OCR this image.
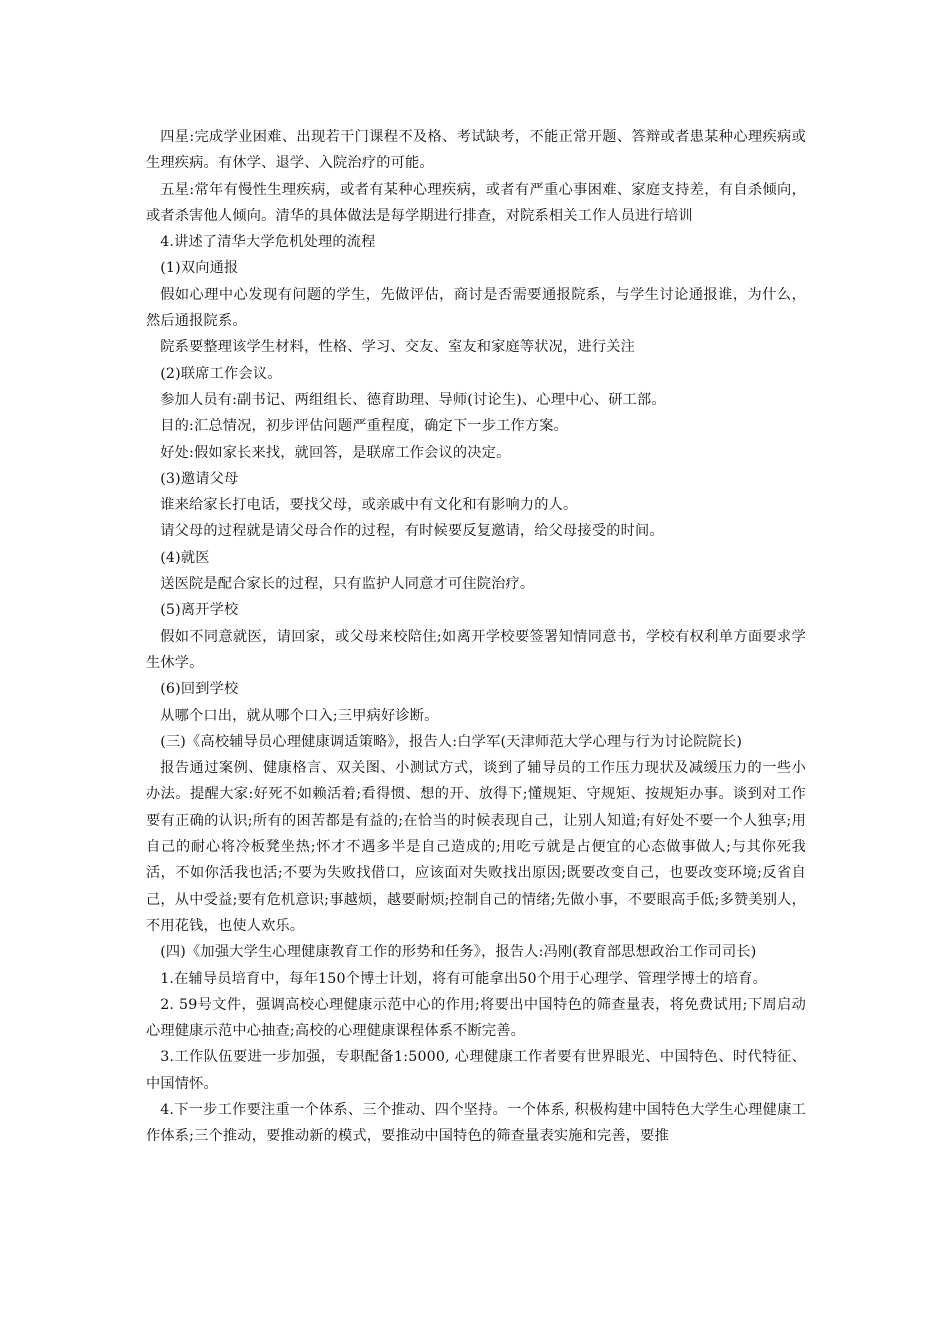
四星:完成学业困难、出现若干门课程不及格、考试缺考，不能正常开题、答辩或者患某种心理疾病或生理疾病。有休学、退学、入院治疗的可能。

五星:常年有慢性生理疾病，或者有某种心理疾病，或者有严重心事困难、家庭支持差，有自杀倾向，或者杀害他人倾向。清华的具体做法是每学期进行排查，对院系相关工作人员进行培训

4.讲述了清华大学危机处理的流程

(1)双向通报

假如心理中心发现有问题的学生，先做评估，商讨是否需要通报院系，与学生讨论通报谁，为什么，然后通报院系。

院系要整理该学生材料，性格、学习、交友、室友和家庭等状况，进行关注

(2)联席工作会议。

参加人员有:副书记、两组组长、德育助理、导师(讨论生)、心理中心、研工部。

目的:汇总情况，初步评估问题严重程度，确定下一步工作方案。

好处:假如家长来找，就回答，是联席工作会议的决定。

(3)邀请父母

谁来给家长打电话，要找父母，或亲戚中有文化和有影响力的人。

请父母的过程就是请父母合作的过程，有时候要反复邀请，给父母接受的时间。

(4)就医

送医院是配合家长的过程，只有监护人同意才可住院治疗。

(5)离开学校

假如不同意就医，请回家，或父母来校陪住;如离开学校要签署知情同意书，学校有权利单方面要求学生休学。

(6)回到学校

从哪个口出，就从哪个口入;三甲病好诊断。

(三)《高校辅导员心理健康调适策略》，报告人:白学军(天津师范大学心理与行为讨论院院长)

报告通过案例、健康格言、双关图、小测试方式，谈到了辅导员的工作压力现状及减缓压力的一些小办法。提醒大家:好死不如赖活着;看得惯、想的开、放得下;懂规矩、守规矩、按规矩办事。谈到对工作要有正确的认识;所有的困苦都是有益的;在恰当的时候表现自己，让别人知道;有好处不要一个人独享;用自己的耐心将冷板凳坐热;怀才不遇多半是自己造成的;用吃亏就是占便宜的心态做事做人;与其你死我活，不如你活我也活;不要为失败找借口，应该面对失败找出原因;既要改变自己，也要改变环境;反省自己，从中受益;要有危机意识;事越烦，越要耐烦;控制自己的情绪;先做小事，不要眼高手低;多赞美别人，不用花钱，也使人欢乐。

(四)《加强大学生心理健康教育工作的形势和任务》，报告人:冯刚(教育部思想政治工作司司长)

1.在辅导员培育中，每年150个博士计划，将有可能拿出50个用于心理学、管理学博士的培育。

2. 59号文件，强调高校心理健康示范中心的作用;将要出中国特色的筛查量表，将免费试用;下周启动心理健康示范中心抽查;高校的心理健康课程体系不断完善。

3.工作队伍要进一步加强，专职配备1:5000, 心理健康工作者要有世界眼光、中国特色、时代特征、中国情怀。

4.下一步工作要注重一个体系、三个推动、四个坚持。一个体系, 积极构建中国特色大学生心理健康工作体系;三个推动，要推动新的模式，要推动中国特色的筛查量表实施和完善，要推
